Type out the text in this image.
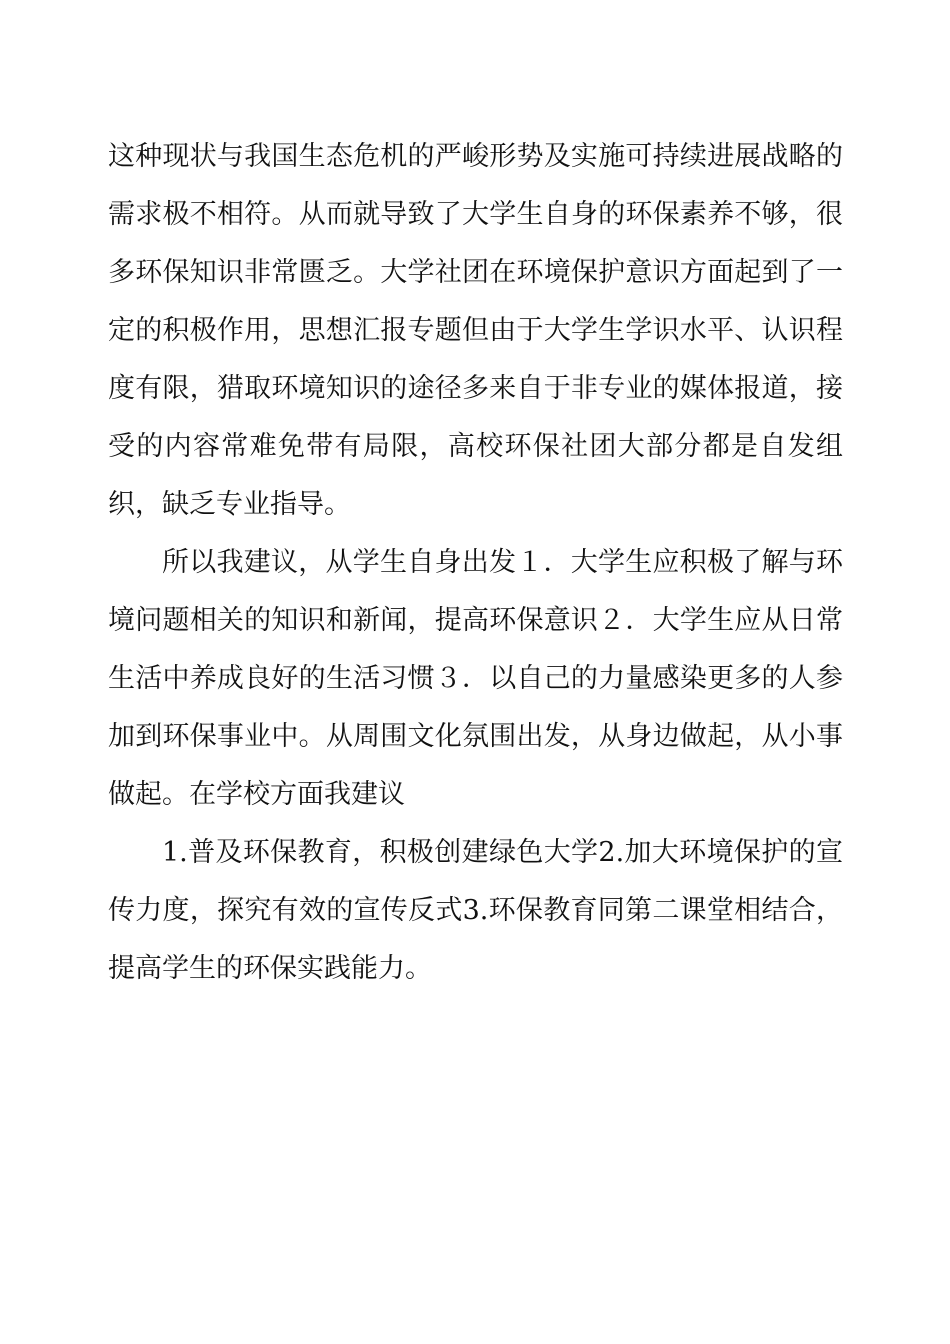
这种现状与我国生态危机的严峻形势及实施可持续进展战略的需求极不相符。从而就导致了大学生自身的环保素养不够，很多环保知识非常匮乏。大学社团在环境保护意识方面起到了一定的积极作用，思想汇报专题但由于大学生学识水平、认识程度有限，猎取环境知识的途径多来自于非专业的媒体报道，接受的内容常难免带有局限，高校环保社团大部分都是自发组织，缺乏专业指导。

所以我建议，从学生自身出发１．大学生应积极了解与环境问题相关的知识和新闻，提高环保意识２．大学生应从日常生活中养成良好的生活习惯３．以自己的力量感染更多的人参加到环保事业中。从周围文化氛围出发，从身边做起，从小事做起。在学校方面我建议

1.普及环保教育，积极创建绿色大学2.加大环境保护的宣传力度，探究有效的宣传反式3.环保教育同第二课堂相结合，提高学生的环保实践能力。
